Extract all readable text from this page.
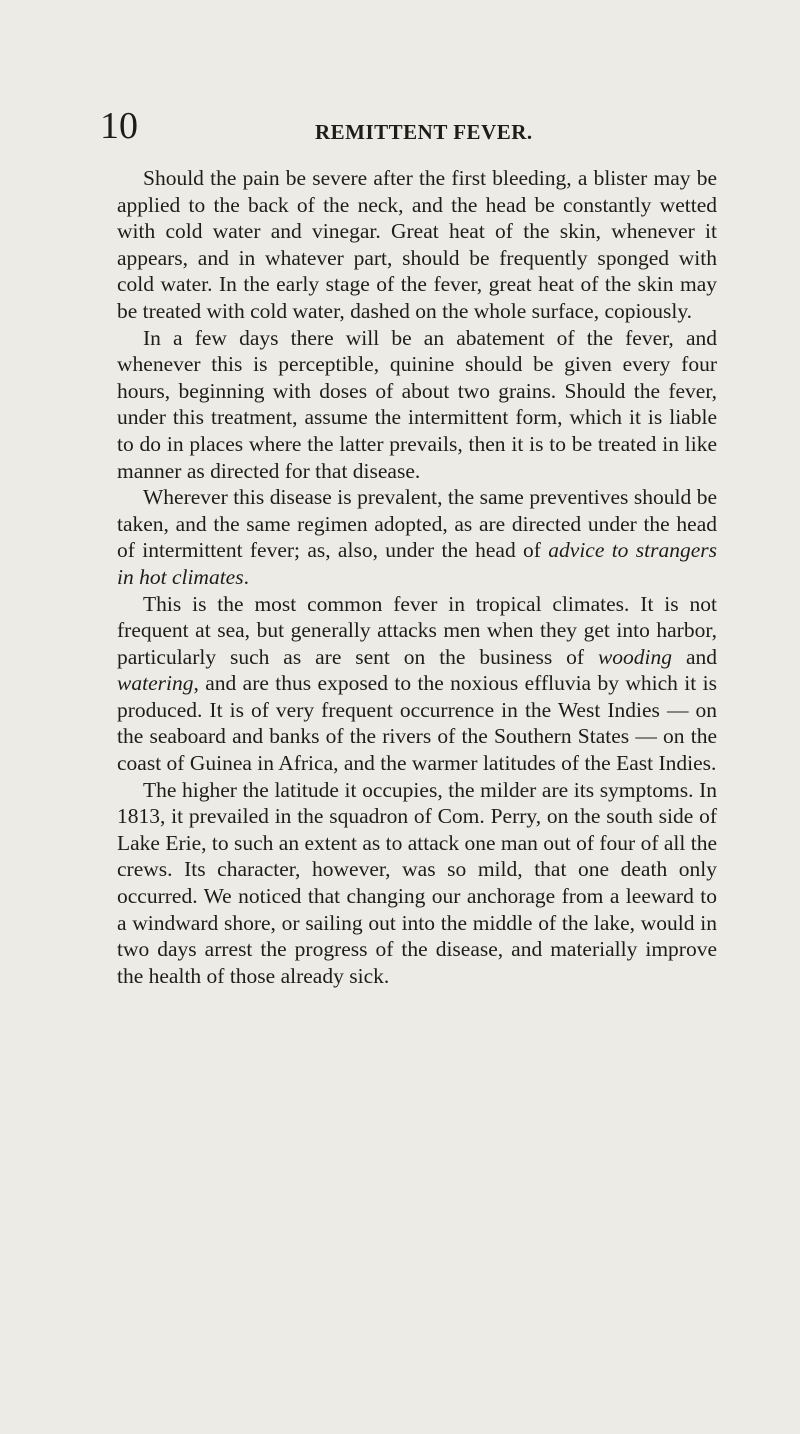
10	REMITTENT FEVER.

Should the pain be severe after the first bleeding, a blister may be applied to the back of the neck, and the head be constantly wetted with cold water and vinegar. Great heat of the skin, whenever it appears, and in whatever part, should be frequently sponged with cold water. In the early stage of the fever, great heat of the skin may be treated with cold water, dashed on the whole surface, copiously.

In a few days there will be an abatement of the fever, and whenever this is perceptible, quinine should be given every four hours, beginning with doses of about two grains. Should the fever, under this treatment, assume the intermittent form, which it is liable to do in places where the latter prevails, then it is to be treated in like manner as directed for that disease.

Wherever this disease is prevalent, the same preventives should be taken, and the same regimen adopted, as are directed under the head of intermittent fever; as, also, under the head of advice to strangers in hot climates.

This is the most common fever in tropical climates. It is not frequent at sea, but generally attacks men when they get into harbor, particularly such as are sent on the business of wooding and watering, and are thus exposed to the noxious effluvia by which it is produced. It is of very frequent occurrence in the West Indies — on the seaboard and banks of the rivers of the Southern States — on the coast of Guinea in Africa, and the warmer latitudes of the East Indies.

The higher the latitude it occupies, the milder are its symptoms. In 1813, it prevailed in the squadron of Com. Perry, on the south side of Lake Erie, to such an extent as to attack one man out of four of all the crews. Its character, however, was so mild, that one death only occurred. We noticed that changing our anchorage from a leeward to a windward shore, or sailing out into the middle of the lake, would in two days arrest the progress of the disease, and materially improve the health of those already sick.
